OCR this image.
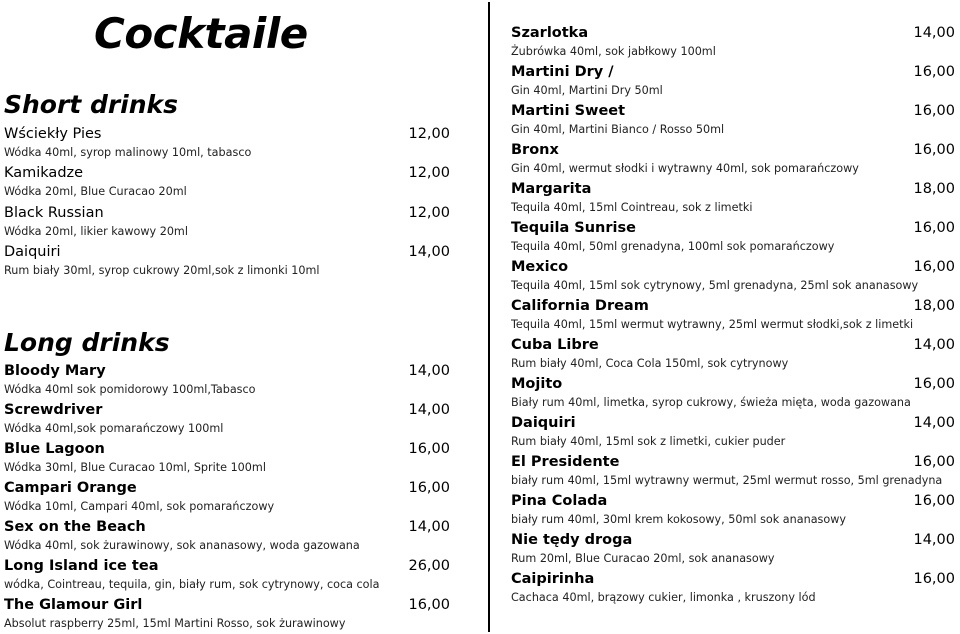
Cocktaile
Short drinks
Wściekły Pies	12,00
Wódka 40ml, syrop malinowy 10ml, tabasco
Kamikadze	12,00
Wódka 20ml, Blue Curacao 20ml
Black Russian	12,00
Wódka 20ml, likier kawowy 20ml
Daiquiri	14,00
Rum biały 30ml, syrop cukrowy 20ml,sok z limonki 10ml
Long drinks
Bloody Mary	14,00
Wódka 40ml sok pomidorowy 100ml,Tabasco
Screwdriver	14,00
Wódka 40ml,sok pomarańczowy 100ml
Blue Lagoon	16,00
Wódka 30ml, Blue Curacao 10ml, Sprite 100ml
Campari Orange	16,00
Wódka 10ml, Campari 40ml, sok pomarańczowy
Sex on the Beach	14,00
Wódka 40ml, sok żurawinowy, sok ananasowy, woda gazowana
Long Island ice tea	26,00
wódka, Cointreau, tequila, gin, biały rum, sok cytrynowy, coca cola
The Glamour Girl	16,00
Absolut raspberry 25ml, 15ml Martini Rosso, sok żurawinowy
Szarlotka	14,00
Żubrówka 40ml, sok jabłkowy 100ml
Martini Dry /	16,00
Gin 40ml, Martini Dry 50ml
Martini Sweet	16,00
Gin 40ml, Martini Bianco / Rosso 50ml
Bronx	16,00
Gin 40ml, wermut słodki i wytrawny 40ml, sok pomarańczowy
Margarita	18,00
Tequila 40ml, 15ml Cointreau, sok z limetki
Tequila Sunrise	16,00
Tequila 40ml, 50ml grenadyna, 100ml sok pomarańczowy
Mexico	16,00
Tequila 40ml, 15ml sok cytrynowy, 5ml grenadyna, 25ml sok ananasowy
California Dream	18,00
Tequila 40ml, 15ml wermut wytrawny, 25ml wermut słodki,sok z limetki
Cuba Libre	14,00
Rum biały 40ml, Coca Cola 150ml, sok cytrynowy
Mojito	16,00
Biały rum 40ml, limetka, syrop cukrowy, świeża mięta, woda gazowana
Daiquiri	14,00
Rum biały 40ml, 15ml sok z limetki, cukier puder
El Presidente	16,00
biały rum 40ml, 15ml wytrawny wermut, 25ml wermut rosso, 5ml grenadyna
Pina Colada	16,00
biały rum 40ml, 30ml krem kokosowy, 50ml sok ananasowy
Nie tędy droga	14,00
Rum 20ml, Blue Curacao 20ml, sok ananasowy
Caipirinha	16,00
Cachaca 40ml, brązowy cukier, limonka , kruszony lód
